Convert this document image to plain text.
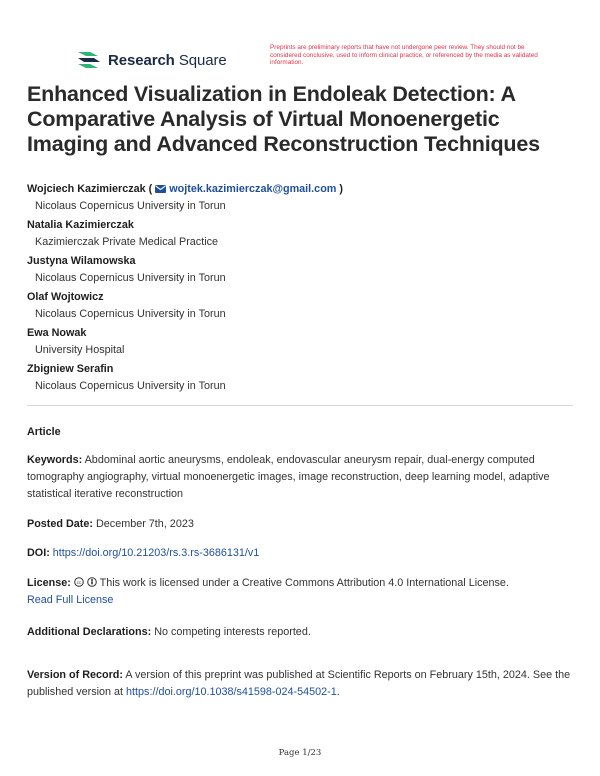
Research Square
Preprints are preliminary reports that have not undergone peer review. They should not be considered conclusive, used to inform clinical practice, or referenced by the media as validated information.
Enhanced Visualization in Endoleak Detection: A Comparative Analysis of Virtual Monoenergetic Imaging and Advanced Reconstruction Techniques
Wojciech Kazimierczak (  wojtek.kazimierczak@gmail.com )
Nicolaus Copernicus University in Torun
Natalia Kazimierczak
Kazimierczak Private Medical Practice
Justyna Wilamowska
Nicolaus Copernicus University in Torun
Olaf Wojtowicz
Nicolaus Copernicus University in Torun
Ewa Nowak
University Hospital
Zbigniew Serafin
Nicolaus Copernicus University in Torun
Article
Keywords: Abdominal aortic aneurysms, endoleak, endovascular aneurysm repair, dual-energy computed tomography angiography, virtual monoenergetic images, image reconstruction, deep learning model, adaptive statistical iterative reconstruction
Posted Date: December 7th, 2023
DOI: https://doi.org/10.21203/rs.3.rs-3686131/v1
License: cc This work is licensed under a Creative Commons Attribution 4.0 International License.
Read Full License
Additional Declarations: No competing interests reported.
Version of Record: A version of this preprint was published at Scientific Reports on February 15th, 2024. See the published version at https://doi.org/10.1038/s41598-024-54502-1.
Page 1/23
